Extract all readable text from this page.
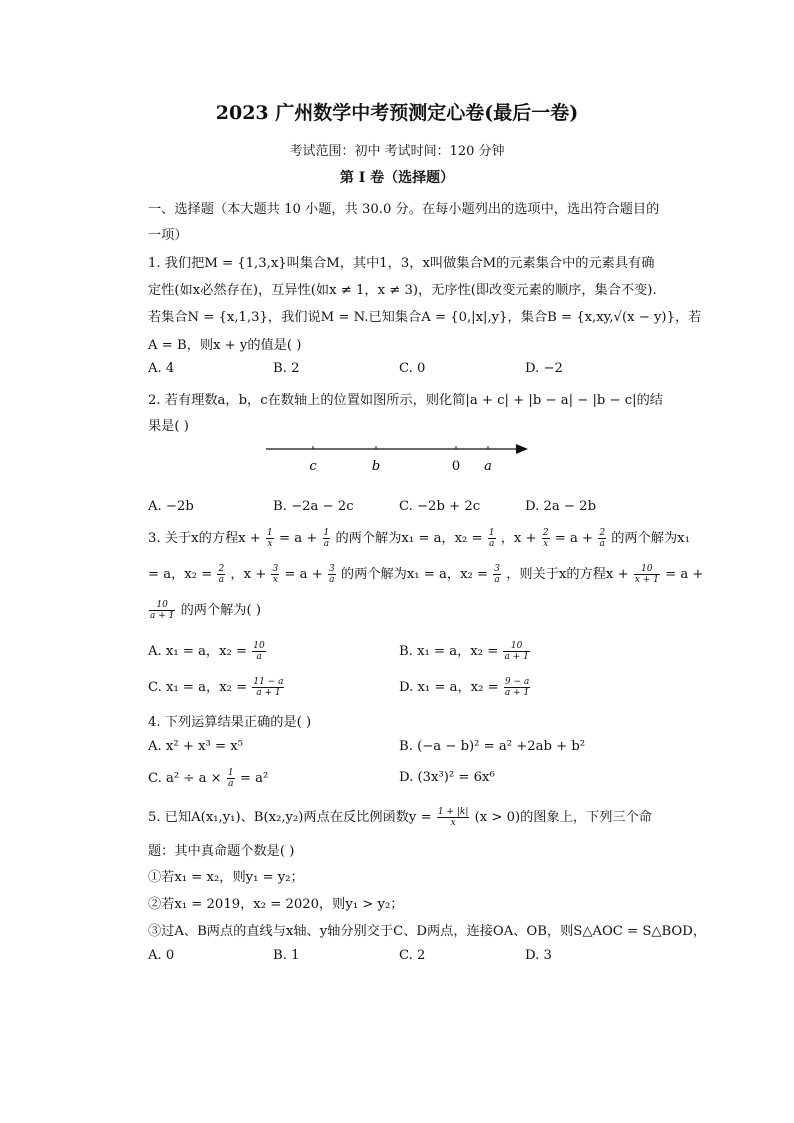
2023 广州数学中考预测定心卷(最后一卷)
考试范围：初中 考试时间：120 分钟
第 I 卷（选择题）
一、选择题（本大题共 10 小题，共 30.0 分。在每小题列出的选项中，选出符合题目的
一项）
1. 我们把M = {1,3,x}叫集合M，其中1，3，x叫做集合M的元素集合中的元素具有确
定性(如x必然存在)，互异性(如x ≠ 1，x ≠ 3)，无序性(即改变元素的顺序，集合不变).
若集合N = {x,1,3}，我们说M = N.已知集合A = {0,|x|,y}，集合B = {x,xy,√(x − y)}，若
A = B，则x + y的值是( )
A. 4	B. 2	C. 0	D. −2
2. 若有理数a，b，c在数轴上的位置如图所示，则化简|a + c| + |b − a| − |b − c|的结
果是( )
c	b	0 a
A. −2b	B. −2a − 2c	C. −2b + 2c	D. 2a − 2b
3. 关于x的方程$x + \frac{1}{x} = a + \frac{1}{a}$ 的两个解为x₁ = a，$x_2 = \frac{1}{a}$ ，$x + \frac{2}{x} = a + \frac{2}{a}$ 的两个解为x₁
= a，$x_2 = \frac{2}{a}$ ，$x + \frac{3}{x} = a + \frac{3}{a}$ 的两个解为x₁ = a，$x_2 = \frac{3}{a}$ ，则关于x的方程$x + \frac{10}{x + 1} = a$ +
$\frac{10}{a + 1}$ 的两个解为( )
A. x₁ = a，$x_2 = \frac{10}{a}$	B. x₁ = a，$x_2 = \frac{10}{a + 1}$
C. x₁ = a，$x_2 = \frac{11 - a}{a + 1}$	D. x₁ = a，$x_2 = \frac{9 - a}{a + 1}$
4. 下列运算结果正确的是( )
A. x² + x³ = x⁵	B. (−a − b)² = a² +2ab + b²
C. $a^2 \div a \times \frac{1}{a} = a^2$	D. (3x³)² = 6x⁶
5. 已知A(x₁,y₁)、B(x₂,y₂)两点在反比例函数$y = \frac{1 + |k|}{x} (x > 0)$的图象上，下列三个命
题：其中真命题个数是( )
①若x₁ = x₂，则y₁ = y₂；
②若x₁ = 2019，x₂ = 2020，则y₁ > y₂；
③过A、B两点的直线与x轴、y轴分别交于C、D两点，连接OA、OB，则S△AOC = S△BOD，
A. 0	B. 1	C. 2	D. 3
